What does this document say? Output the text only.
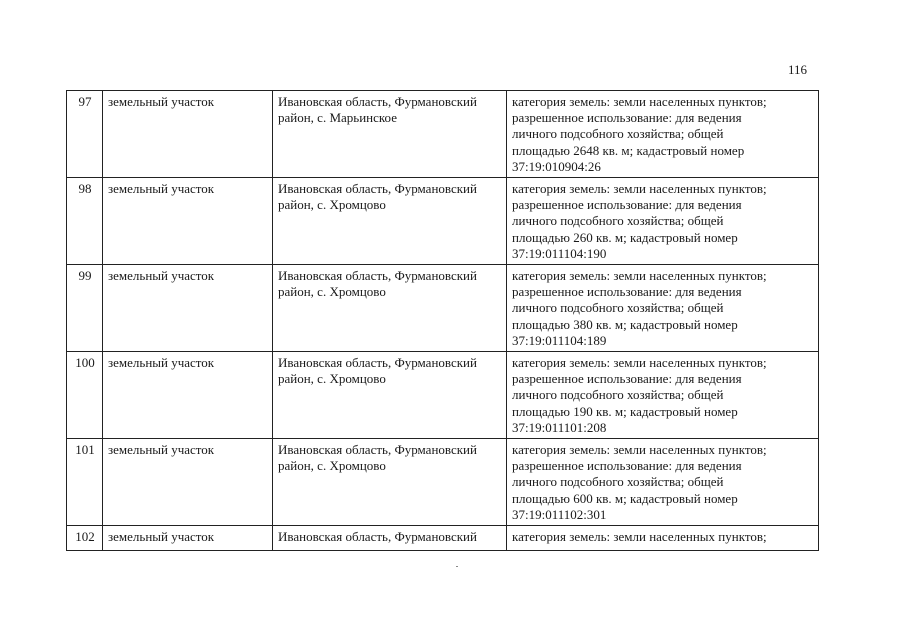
116
97	земельный участок	Ивановская область, Фурмановский район, с. Марьинское	категория земель: земли населенных пунктов;
разрешенное использование: для ведения
личного подсобного хозяйства; общей
площадью 2648 кв. м; кадастровый номер
37:19:010904:26

98	земельный участок	Ивановская область, Фурмановский район, с. Хромцово	категория земель: земли населенных пунктов;
разрешенное использование: для ведения
личного подсобного хозяйства; общей
площадью 260 кв. м; кадастровый номер
37:19:011104:190

99	земельный участок	Ивановская область, Фурмановский район, с. Хромцово	категория земель: земли населенных пунктов;
разрешенное использование: для ведения
личного подсобного хозяйства; общей
площадью 380 кв. м; кадастровый номер
37:19:011104:189

100	земельный участок	Ивановская область, Фурмановский район, с. Хромцово	категория земель: земли населенных пунктов;
разрешенное использование: для ведения
личного подсобного хозяйства; общей
площадью 190 кв. м; кадастровый номер
37:19:011101:208

101	земельный участок	Ивановская область, Фурмановский район, с. Хромцово	категория земель: земли населенных пунктов;
разрешенное использование: для ведения
личного подсобного хозяйства; общей
площадью 600 кв. м; кадастровый номер
37:19:011102:301

102	земельный участок	Ивановская область, Фурмановский	категория земель: земли населенных пунктов;
